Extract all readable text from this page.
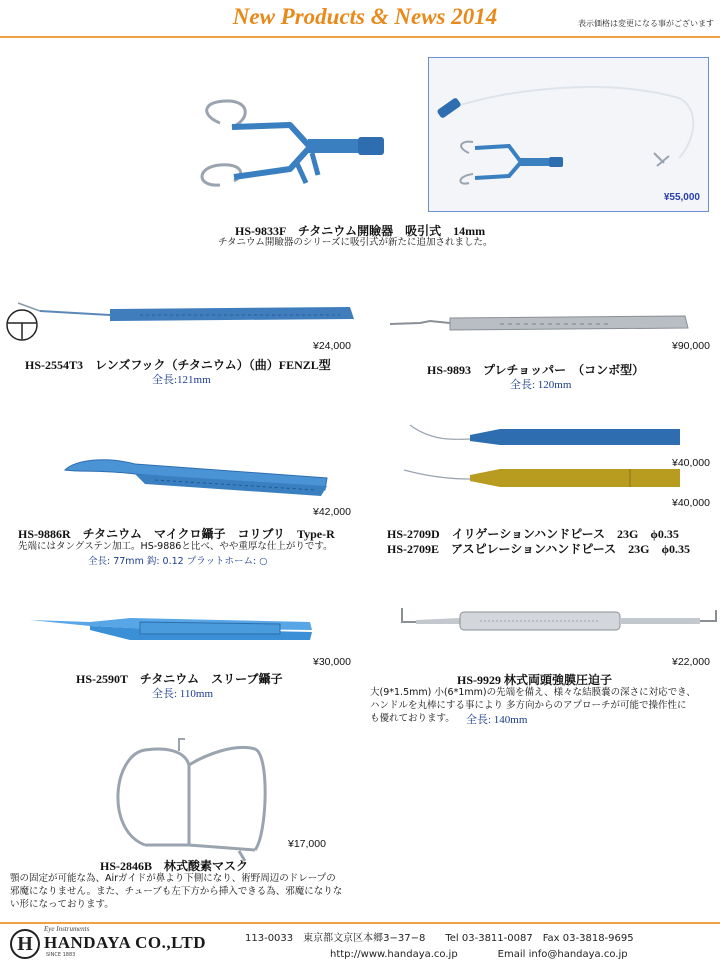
New Products & News 2014	表示価格は変更になる事がございます
HS-9833F　チタニウム開瞼器　吸引式　14mm
チタニウム開瞼器のシリーズに吸引式が新たに追加されました。
¥55,000
¥24,000
HS-2554T3　レンズフック（チタニウム）（曲）FENZL型
全長:121mm
¥90,000
HS-9893　プレチョッパー　（コンボ型）
全長: 120mm
¥42,000
HS-9886R　チタニウム　マイクロ鑷子　コリブリ　Type-R
先端にはタングステン加工。HS-9886と比べ、やや重厚な仕上がりです。
全長: 77mm 鈎: 0.12 プラットホーム: ○
¥40,000
¥40,000
HS-2709D　イリゲーションハンドピース　23G　ϕ0.35
HS-2709E　アスピレーションハンドピース　23G　ϕ0.35
¥30,000
HS-2590T　チタニウム　スリーブ鑷子
全長: 110mm
¥22,000
HS-9929 林式両頭強膜圧迫子
大(9*1.5mm) 小(6*1mm)の先端を備え、様々な結膜嚢の深さに対応でき、
ハンドルを丸棒にする事により 多方向からのアプローチが可能で操作性に
も優れております。 全長: 140mm
¥17,000
HS-2846B　林式酸素マスク
顎の固定が可能な為、Airガイドが鼻より下側になり、術野周辺のドレープの
邪魔になりません。また、チューブも左下方から挿入できる為、邪魔になりな
い形になっております。
H
Eye Instruments
HANDAYA CO.,LTD
SINCE 1883
113-0033　東京都文京区本郷3−37−8　　Tel 03-3811-0087　Fax 03-3818-9695
http://www.handaya.co.jp　　　　Email info@handaya.co.jp
